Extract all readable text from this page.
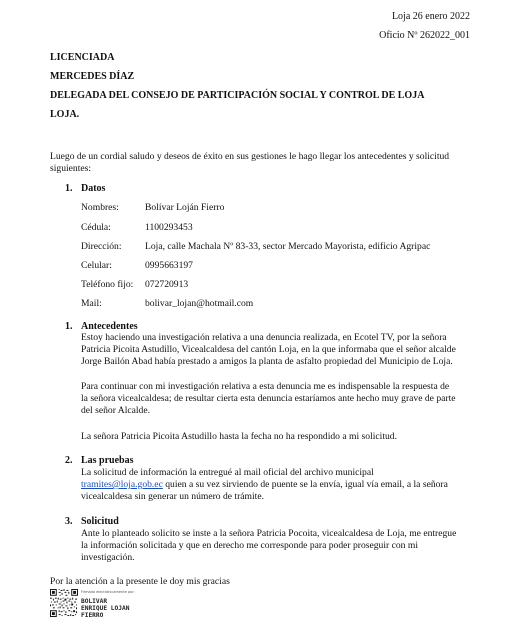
Loja 26 enero 2022
Oficio Nº 262022_001
LICENCIADA
MERCEDES DÍAZ
DELEGADA DEL CONSEJO DE PARTICIPACIÓN SOCIAL Y CONTROL DE LOJA
LOJA.
Luego de un cordial saludo y deseos de éxito en sus gestiones le hago llegar los antecedentes y solicitud
siguientes:
1. Datos
Nombres:	Bolívar Loján Fierro
Cédula:	1100293453
Dirección: Loja, calle Machala Nº 83-33, sector Mercado Mayorista, edificio Agripac
Celular:	0995663197
Teléfono fijo: 072720913
Mail:	bolivar_lojan@hotmail.com
1. Antecedentes
Estoy haciendo una investigación relativa a una denuncia realizada, en Ecotel TV, por la señora
Patricia Picoita Astudillo, Vicealcaldesa del cantón Loja, en la que informaba que el señor alcalde
Jorge Bailón Abad había prestado a amigos la planta de asfalto propiedad del Municipio de Loja.
Para continuar con mi investigación relativa a esta denuncia me es indispensable la respuesta de
la señora vicealcaldesa; de resultar cierta esta denuncia estaríamos ante hecho muy grave de parte
del señor Alcalde.
La señora Patricia Picoita Astudillo hasta la fecha no ha respondido a mi solicitud.
2. Las pruebas
La solicitud de información la entregué al mail oficial del archivo municipal
tramites@loja.gob.ec quien a su vez sirviendo de puente se la envía, igual vía email, a la señora
vicealcaldesa sin generar un número de trámite.
3. Solicitud
Ante lo planteado solicito se inste a la señora Patricia Pocoita, vicealcaldesa de Loja, me entregue
la información solicitada y que en derecho me corresponde para poder proseguir con mi
investigación.
Por la atención a la presente le doy mis gracias
Firmado electrónicamente por:
BOLIVAR
ENRIQUE LOJAN
FIERRO
